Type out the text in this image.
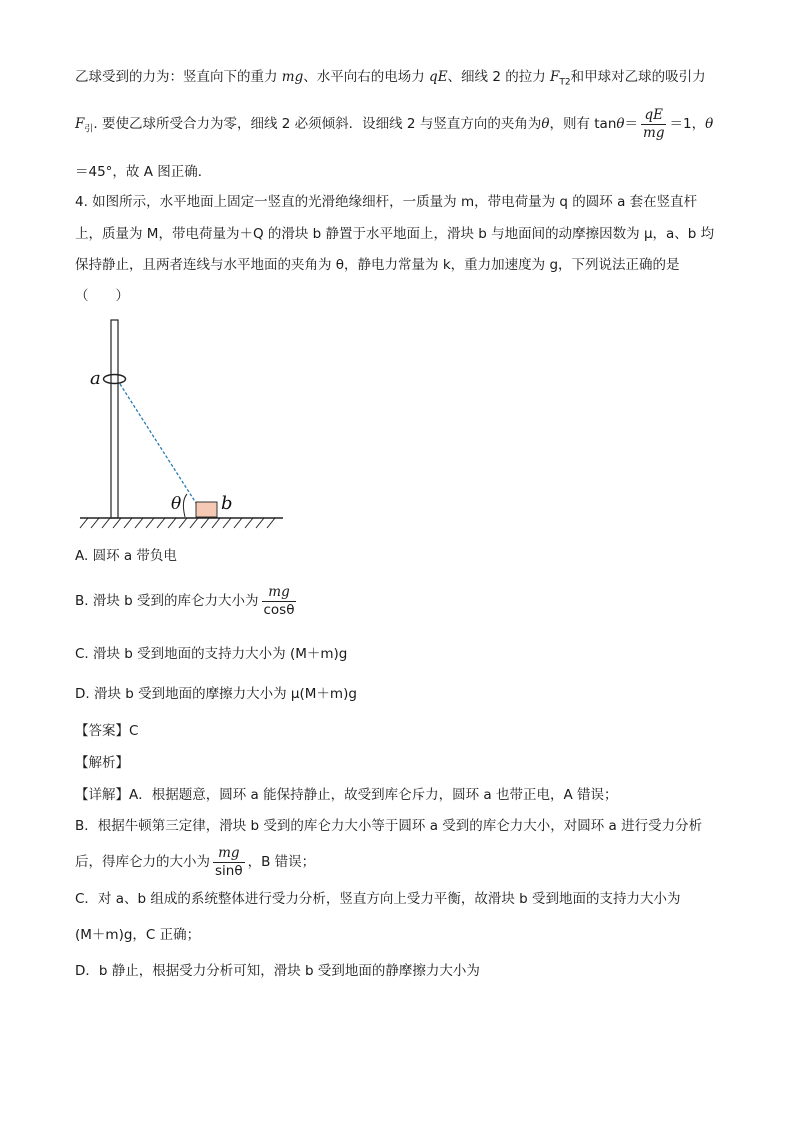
乙球受到的力为：竖直向下的重力 mg、水平向右的电场力 qE、细线 2 的拉力 $F_{T2}$和甲球对乙球的吸引力
$F_引$. 要使乙球所受合力为零，细线 2 必须倾斜．设细线 2 与竖直方向的夹角为θ，则有 $\tan\theta= \frac{qE}{mg} =1$，θ
＝45°，故 A 图正确．
4. 如图所示，水平地面上固定一竖直的光滑绝缘细杆，一质量为 m，带电荷量为 q 的圆环 a 套在竖直杆
上，质量为 M，带电荷量为＋Q 的滑块 b 静置于水平地面上，滑块 b 与地面间的动摩擦因数为 μ，a、b 均
保持静止，且两者连线与水平地面的夹角为 θ，静电力常量为 k，重力加速度为 g，下列说法正确的是
（　　）
a
b
θ
A. 圆环 a 带负电
B. 滑块 b 受到的库仑力大小为 $\frac{mg}{\cos\theta}$
C. 滑块 b 受到地面的支持力大小为 (M＋m)g
D. 滑块 b 受到地面的摩擦力大小为 μ(M＋m)g
【答案】C
【解析】
【详解】A．根据题意，圆环 a 能保持静止，故受到库仑斥力，圆环 a 也带正电，A 错误；
B．根据牛顿第三定律，滑块 b 受到的库仑力大小等于圆环 a 受到的库仑力大小，对圆环 a 进行受力分析
后，得库仑力的大小为 $\frac{mg}{\sin\theta}$ ，B 错误；
C．对 a、b 组成的系统整体进行受力分析，竖直方向上受力平衡，故滑块 b 受到地面的支持力大小为
(M＋m)g，C 正确；
D．b 静止，根据受力分析可知，滑块 b 受到地面的静摩擦力大小为
